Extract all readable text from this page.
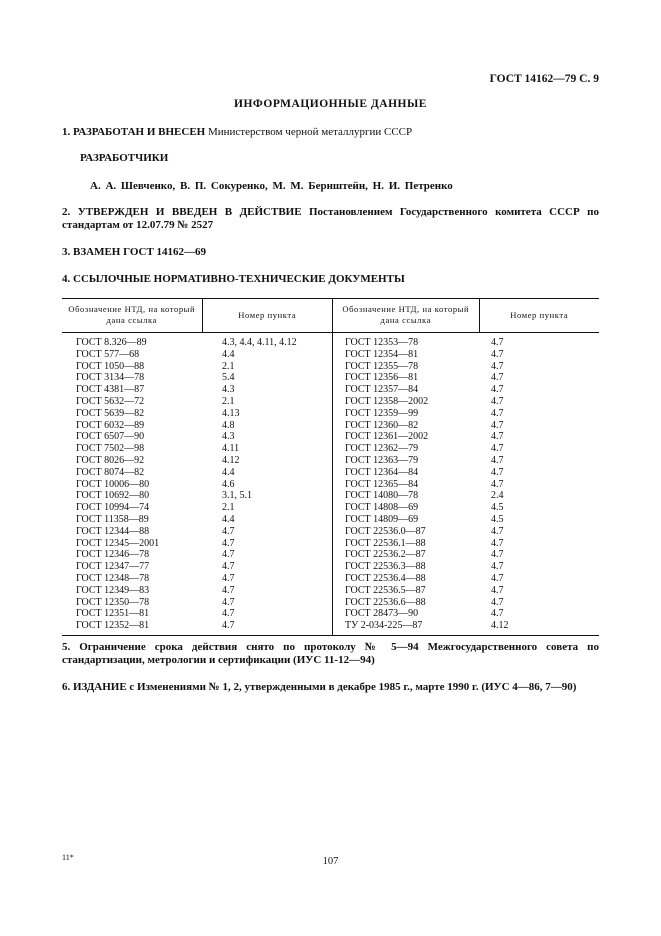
ГОСТ 14162—79 С. 9
ИНФОРМАЦИОННЫЕ ДАННЫЕ
1. РАЗРАБОТАН И ВНЕСЕН Министерством черной металлургии СССР
РАЗРАБОТЧИКИ
А. А. Шевченко, В. П. Сокуренко, М. М. Бернштейн, Н. И. Петренко
2. УТВЕРЖДЕН И ВВЕДЕН В ДЕЙСТВИЕ Постановлением Государственного комитета СССР по стандартам от 12.07.79 № 2527
3. ВЗАМЕН ГОСТ 14162—69
4. ССЫЛОЧНЫЕ НОРМАТИВНО-ТЕХНИЧЕСКИЕ ДОКУМЕНТЫ
Обозначение НТД, на который дана ссылка	Номер пункта	Обозначение НТД, на который дана ссылка	Номер пункта
ГОСТ 8.326—89	4.3, 4.4, 4.11, 4.12	ГОСТ 12353—78	4.7
ГОСТ 577—68	4.4	ГОСТ 12354—81	4.7
ГОСТ 1050—88	2.1	ГОСТ 12355—78	4.7
ГОСТ 3134—78	5.4	ГОСТ 12356—81	4.7
ГОСТ 4381—87	4.3	ГОСТ 12357—84	4.7
ГОСТ 5632—72	2.1	ГОСТ 12358—2002	4.7
ГОСТ 5639—82	4.13	ГОСТ 12359—99	4.7
ГОСТ 6032—89	4.8	ГОСТ 12360—82	4.7
ГОСТ 6507—90	4.3	ГОСТ 12361—2002	4.7
ГОСТ 7502—98	4.11	ГОСТ 12362—79	4.7
ГОСТ 8026—92	4.12	ГОСТ 12363—79	4.7
ГОСТ 8074—82	4.4	ГОСТ 12364—84	4.7
ГОСТ 10006—80	4.6	ГОСТ 12365—84	4.7
ГОСТ 10692—80	3.1, 5.1	ГОСТ 14080—78	2.4
ГОСТ 10994—74	2.1	ГОСТ 14808—69	4.5
ГОСТ 11358—89	4.4	ГОСТ 14809—69	4.5
ГОСТ 12344—88	4.7	ГОСТ 22536.0—87	4.7
ГОСТ 12345—2001	4.7	ГОСТ 22536.1—88	4.7
ГОСТ 12346—78	4.7	ГОСТ 22536.2—87	4.7
ГОСТ 12347—77	4.7	ГОСТ 22536.3—88	4.7
ГОСТ 12348—78	4.7	ГОСТ 22536.4—88	4.7
ГОСТ 12349—83	4.7	ГОСТ 22536.5—87	4.7
ГОСТ 12350—78	4.7	ГОСТ 22536.6—88	4.7
ГОСТ 12351—81	4.7	ГОСТ 28473—90	4.7
ГОСТ 12352—81	4.7	ТУ 2-034-225—87	4.12
5. Ограничение срока действия снято по протоколу № 5—94 Межгосударственного совета по стандартизации, метрологии и сертификации (ИУС 11-12—94)
6. ИЗДАНИЕ с Изменениями № 1, 2, утвержденными в декабре 1985 г., марте 1990 г. (ИУС 4—86, 7—90)
11*	107
